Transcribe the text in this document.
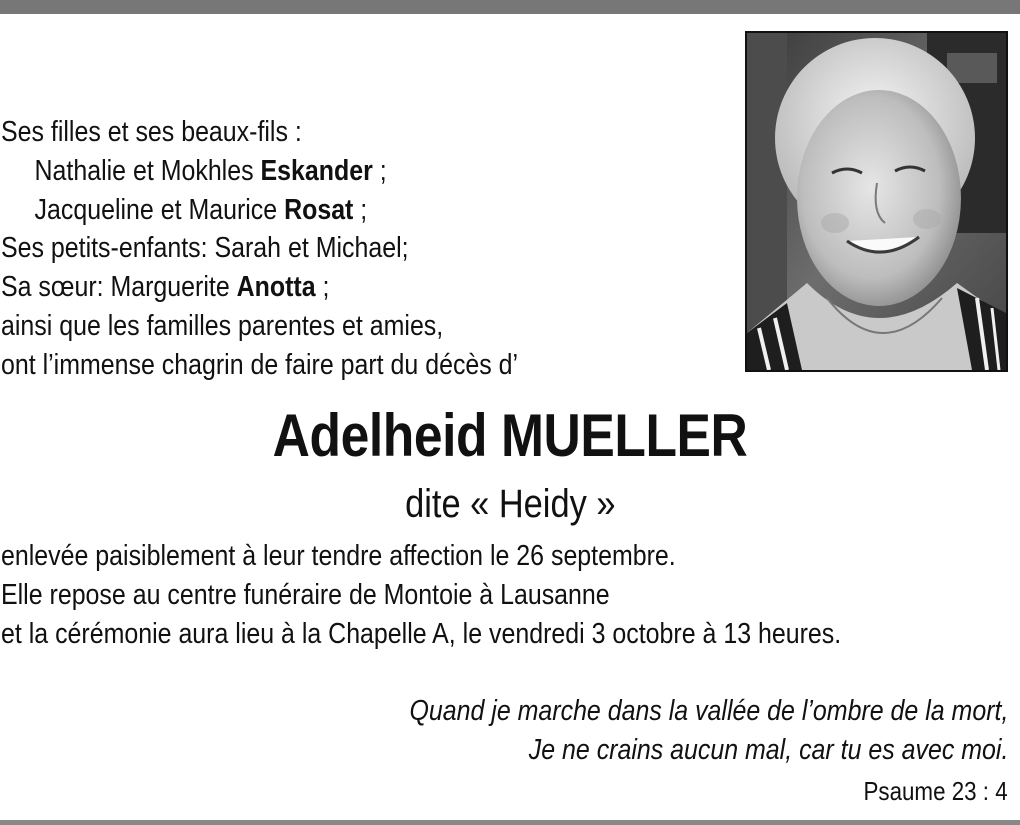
Ses filles et ses beaux-fils :
Nathalie et Mokhles Eskander ;
Jacqueline et Maurice Rosat ;
Ses petits-enfants: Sarah et Michael;
Sa sœur: Marguerite Anotta ;
ainsi que les familles parentes et amies,
ont l’immense chagrin de faire part du décès d’
Adelheid MUELLER
dite « Heidy »
enlevée paisiblement à leur tendre affection le 26 septembre.
Elle repose au centre funéraire de Montoie à Lausanne
et la cérémonie aura lieu à la Chapelle A, le vendredi 3 octobre à 13 heures.
Quand je marche dans la vallée de l’ombre de la mort,
Je ne crains aucun mal, car tu es avec moi.
Psaume 23 : 4
